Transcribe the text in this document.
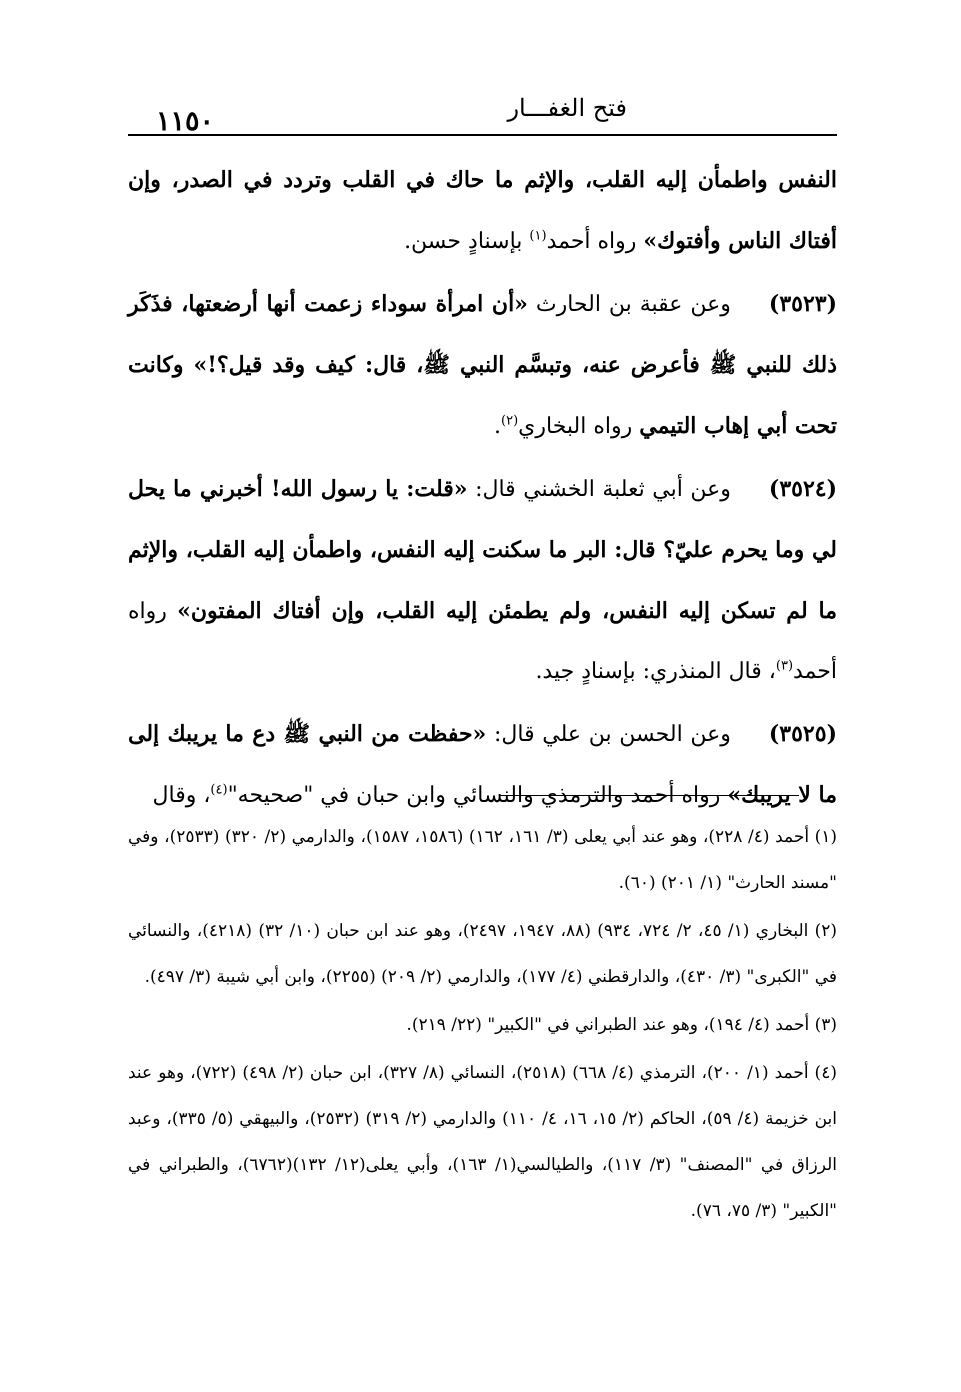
١١٥٠	فتح الغفـــار

النفس واطمأن إليه القلب، والإثم ما حاك في القلب وتردد في الصدر، وإن أفتاك الناس وأفتوك» رواه أحمد$^{(١)}$ بإسنادٍ حسن.

(٣٥٢٣)وعن عقبة بن الحارث «أن امرأة سوداء زعمت أنها أرضعتها، فذَكَر ذلك للنبي ﷺ فأعرض عنه، وتبسَّم النبي ﷺ، قال: كيف وقد قيل؟!» وكانت تحت أبي إهاب التيمي رواه البخاري$^{(٢)}$.

(٣٥٢٤)وعن أبي ثعلبة الخشني قال: «قلت: يا رسول الله! أخبرني ما يحل لي وما يحرم عليّ؟ قال: البر ما سكنت إليه النفس، واطمأن إليه القلب، والإثم ما لم تسكن إليه النفس، ولم يطمئن إليه القلب، وإن أفتاك المفتون» رواه أحمد$^{(٣)}$، قال المنذري: بإسنادٍ جيد.

(٣٥٢٥)وعن الحسن بن علي قال: «حفظت من النبي ﷺ دع ما يريبك إلى ما لا يريبك» رواه أحمد والترمذي والنسائي وابن حبان في "صحيحه"$^{(٤)}$، وقال

(١) أحمد (٤/ ٢٢٨)، وهو عند أبي يعلى (٣/ ١٦١، ١٦٢) (١٥٨٦، ١٥٨٧)، والدارمي (٢/ ٣٢٠) (٢٥٣٣)، وفي "مسند الحارث" (١/ ٢٠١) (٦٠).

(٢) البخاري (١/ ٤٥، ٢/ ٧٢٤، ٩٣٤) (٨٨، ١٩٤٧، ٢٤٩٧)، وهو عند ابن حبان (١٠/ ٣٢) (٤٢١٨)، والنسائي في "الكبرى" (٣/ ٤٣٠)، والدارقطني (٤/ ١٧٧)، والدارمي (٢/ ٢٠٩) (٢٢٥٥)، وابن أبي شيبة (٣/ ٤٩٧).

(٣) أحمد (٤/ ١٩٤)، وهو عند الطبراني في "الكبير" (٢٢/ ٢١٩).

(٤) أحمد (١/ ٢٠٠)، الترمذي (٤/ ٦٦٨) (٢٥١٨)، النسائي (٨/ ٣٢٧)، ابن حبان (٢/ ٤٩٨) (٧٢٢)، وهو عند ابن خزيمة (٤/ ٥٩)، الحاكم (٢/ ١٥، ١٦، ٤/ ١١٠) والدارمي (٢/ ٣١٩) (٢٥٣٢)، والبيهقي (٥/ ٣٣٥)، وعبد الرزاق في "المصنف" (٣/ ١١٧)، والطيالسي(١/ ١٦٣)، وأبي يعلى(١٢/ ١٣٢)(٦٧٦٢)، والطبراني في "الكبير" (٣/ ٧٥، ٧٦).
